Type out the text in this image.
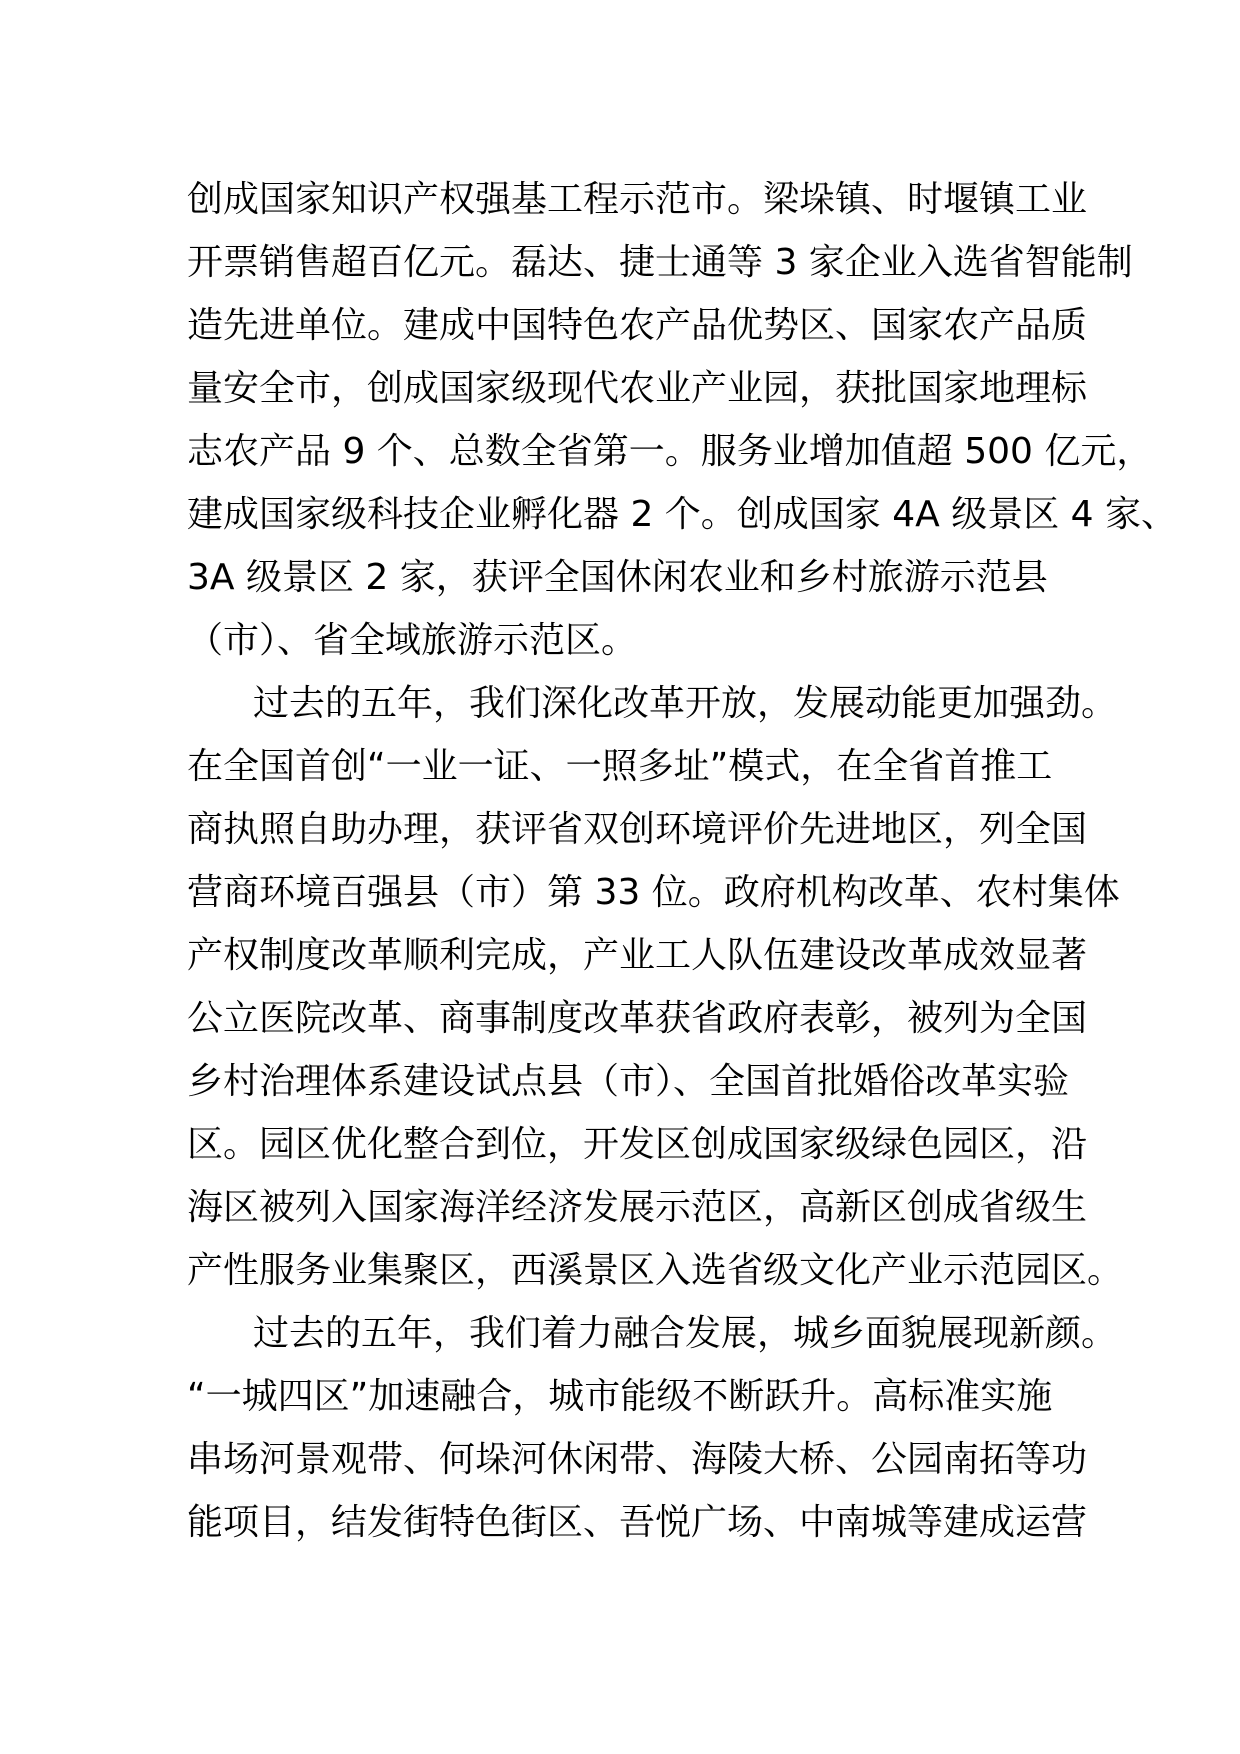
创成国家知识产权强基工程示范市。梁垛镇、时堰镇工业
开票销售超百亿元。磊达、捷士通等 3 家企业入选省智能制
造先进单位。建成中国特色农产品优势区、国家农产品质
量安全市，创成国家级现代农业产业园，获批国家地理标
志农产品 9 个、总数全省第一。服务业增加值超 500 亿元，
建成国家级科技企业孵化器 2 个。创成国家 4A 级景区 4 家、
3A 级景区 2 家，获评全国休闲农业和乡村旅游示范县
（市）、省全域旅游示范区。
过去的五年，我们深化改革开放，发展动能更加强劲。
在全国首创“一业一证、一照多址”模式，在全省首推工
商执照自助办理，获评省双创环境评价先进地区，列全国
营商环境百强县（市）第 33 位。政府机构改革、农村集体
产权制度改革顺利完成，产业工人队伍建设改革成效显著
公立医院改革、商事制度改革获省政府表彰，被列为全国
乡村治理体系建设试点县（市）、全国首批婚俗改革实验
区。园区优化整合到位，开发区创成国家级绿色园区，沿
海区被列入国家海洋经济发展示范区，高新区创成省级生
产性服务业集聚区，西溪景区入选省级文化产业示范园区。
过去的五年，我们着力融合发展，城乡面貌展现新颜。
“一城四区”加速融合，城市能级不断跃升。高标准实施
串场河景观带、何垛河休闲带、海陵大桥、公园南拓等功
能项目，结发街特色街区、吾悦广场、中南城等建成运营
